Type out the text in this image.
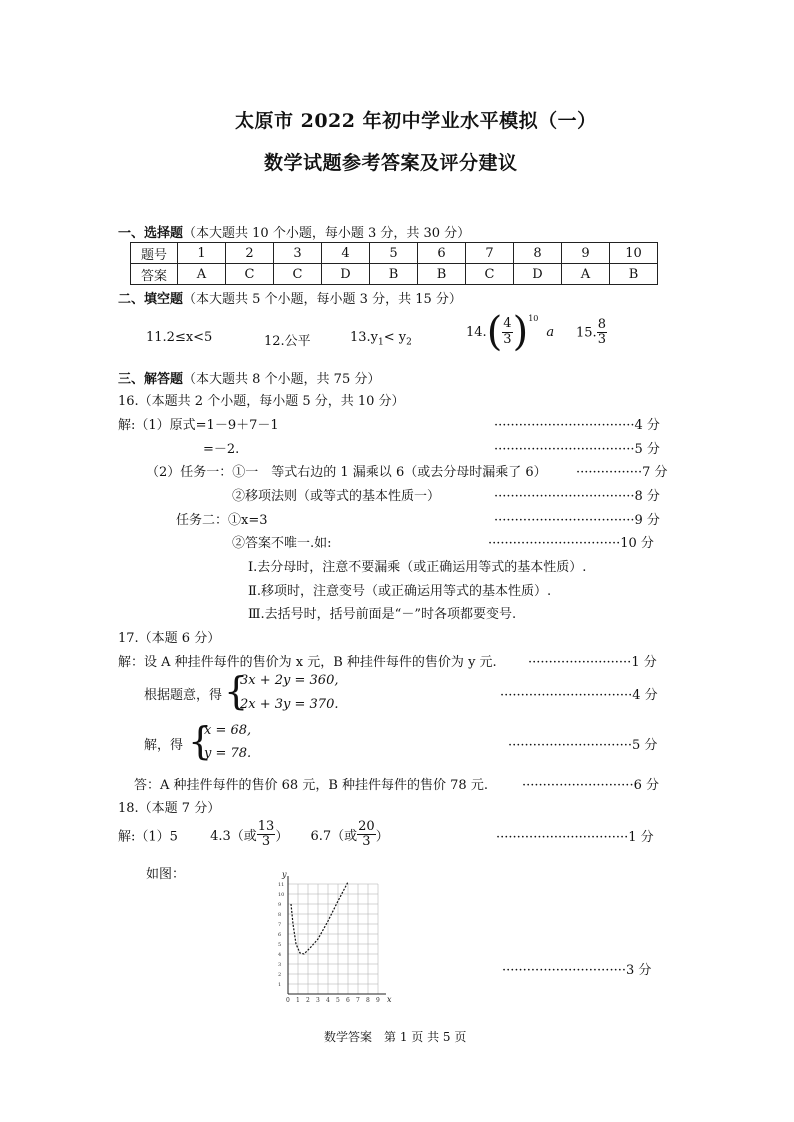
太原市 2022 年初中学业水平模拟（一）
数学试题参考答案及评分建议
一、选择题（本大题共 10 个小题，每小题 3 分，共 30 分）
题号	1	2	3	4	5	6	7	8	9	10
答案	A	C	C	D	B	B	C	D	A	B
二、填空题（本大题共 5 个小题，每小题 3 分，共 15 分）
11.2≤x<5	12.公平	$13.y_1< y_2$
$14.( \frac{4}{3} )^{10}a$ 15. $\frac{8}{3}$
三、解答题（本大题共 8 个小题，共 75 分）
16.（本题共 2 个小题，每小题 5 分，共 10 分）
解:（1）原式=1－9＋7－1	··································4 分
=－2.	··································5 分
（2）任务一：①一　等式右边的 1 漏乘以 6（或去分母时漏乘了 6） ················7 分
②移项法则（或等式的基本性质一）	··································8 分
任务二：①x=3	··································9 分
②答案不唯一.如:	································10 分
Ⅰ.去分母时，注意不要漏乘（或正确运用等式的基本性质）.
Ⅱ.移项时，注意变号（或正确运用等式的基本性质）.
Ⅲ.去括号时，括号前面是“－”时各项都要变号.
17.（本题 6 分）
解：设 A 种挂件每件的售价为 x 元，B 种挂件每件的售价为 y 元. ·························1 分
根据题意，得 {
3x + 2y = 360,
2x + 3y = 370.
································4 分
解，得 {
x = 68,
y = 78.
······························5 分
答：A 种挂件每件的售价 68 元，B 种挂件每件的售价 78 元.	···························6 分
18.（本题 7 分）
解:（1）5 4.3（或 $\frac{13}{3}$ ） 6.7（或 $\frac{20}{3}$ ）	································1 分
如图：
0 1 2 3 4 5 6 7 8 9
1
2
3
4
5
6
7
8
9
10
11
y
x
······························3 分
数学答案　第 1 页 共 5 页
